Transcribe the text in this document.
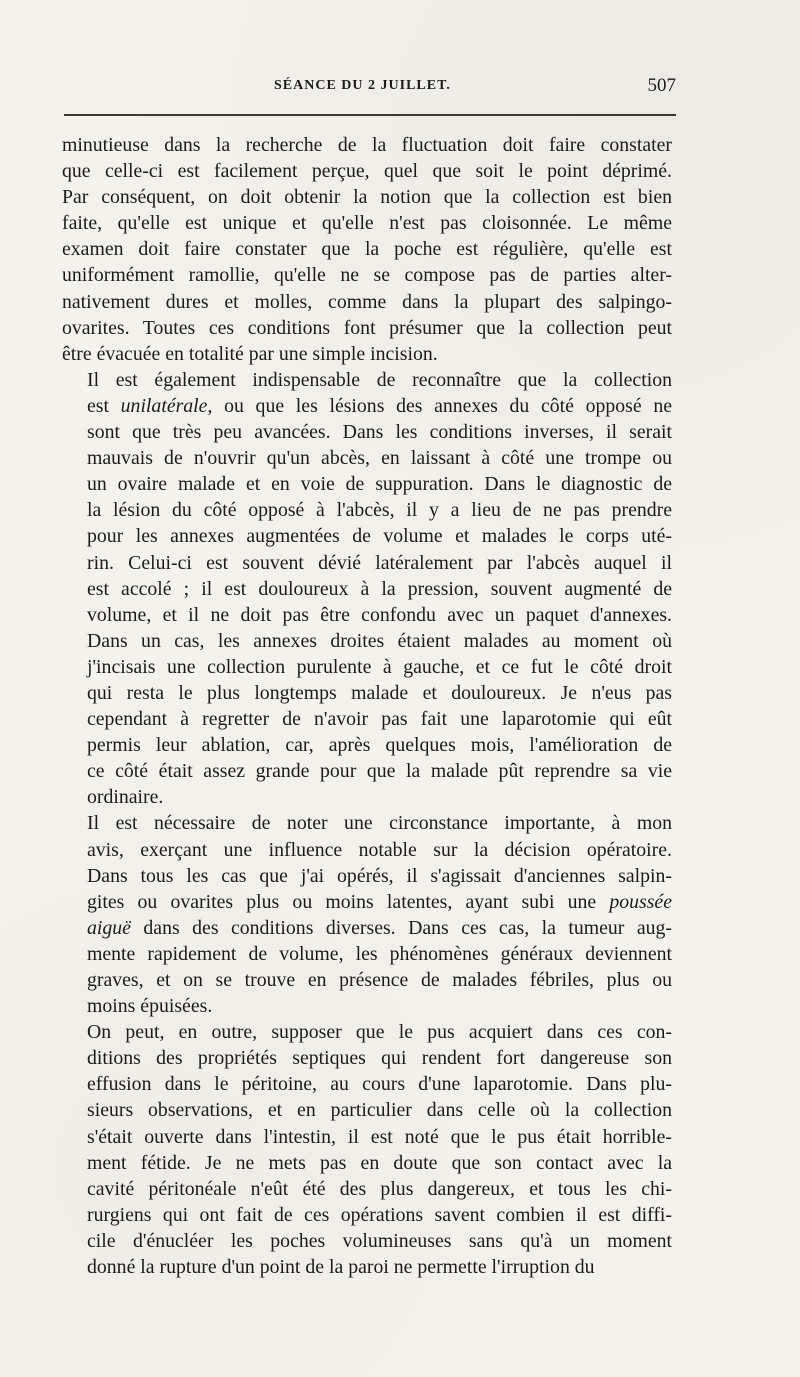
SÉANCE DU 2 JUILLET.	507
minutieuse dans la recherche de la fluctuation doit faire constater
que celle-ci est facilement perçue, quel que soit le point déprimé.
Par conséquent, on doit obtenir la notion que la collection est bien
faite, qu'elle est unique et qu'elle n'est pas cloisonnée. Le même
examen doit faire constater que la poche est régulière, qu'elle est
uniformément ramollie, qu'elle ne se compose pas de parties alter-
nativement dures et molles, comme dans la plupart des salpingo-
ovarites. Toutes ces conditions font présumer que la collection peut
être évacuée en totalité par une simple incision.
Il est également indispensable de reconnaître que la collection
est unilatérale, ou que les lésions des annexes du côté opposé ne
sont que très peu avancées. Dans les conditions inverses, il serait
mauvais de n'ouvrir qu'un abcès, en laissant à côté une trompe ou
un ovaire malade et en voie de suppuration. Dans le diagnostic de
la lésion du côté opposé à l'abcès, il y a lieu de ne pas prendre
pour les annexes augmentées de volume et malades le corps uté-
rin. Celui-ci est souvent dévié latéralement par l'abcès auquel il
est accolé ; il est douloureux à la pression, souvent augmenté de
volume, et il ne doit pas être confondu avec un paquet d'annexes.
Dans un cas, les annexes droites étaient malades au moment où
j'incisais une collection purulente à gauche, et ce fut le côté droit
qui resta le plus longtemps malade et douloureux. Je n'eus pas
cependant à regretter de n'avoir pas fait une laparotomie qui eût
permis leur ablation, car, après quelques mois, l'amélioration de
ce côté était assez grande pour que la malade pût reprendre sa vie
ordinaire.
Il est nécessaire de noter une circonstance importante, à mon
avis, exerçant une influence notable sur la décision opératoire.
Dans tous les cas que j'ai opérés, il s'agissait d'anciennes salpin-
gites ou ovarites plus ou moins latentes, ayant subi une poussée
aiguë dans des conditions diverses. Dans ces cas, la tumeur aug-
mente rapidement de volume, les phénomènes généraux deviennent
graves, et on se trouve en présence de malades fébriles, plus ou
moins épuisées.
On peut, en outre, supposer que le pus acquiert dans ces con-
ditions des propriétés septiques qui rendent fort dangereuse son
effusion dans le péritoine, au cours d'une laparotomie. Dans plu-
sieurs observations, et en particulier dans celle où la collection
s'était ouverte dans l'intestin, il est noté que le pus était horrible-
ment fétide. Je ne mets pas en doute que son contact avec la
cavité péritonéale n'eût été des plus dangereux, et tous les chi-
rurgiens qui ont fait de ces opérations savent combien il est diffi-
cile d'énucléer les poches volumineuses sans qu'à un moment
donné la rupture d'un point de la paroi ne permette l'irruption du
